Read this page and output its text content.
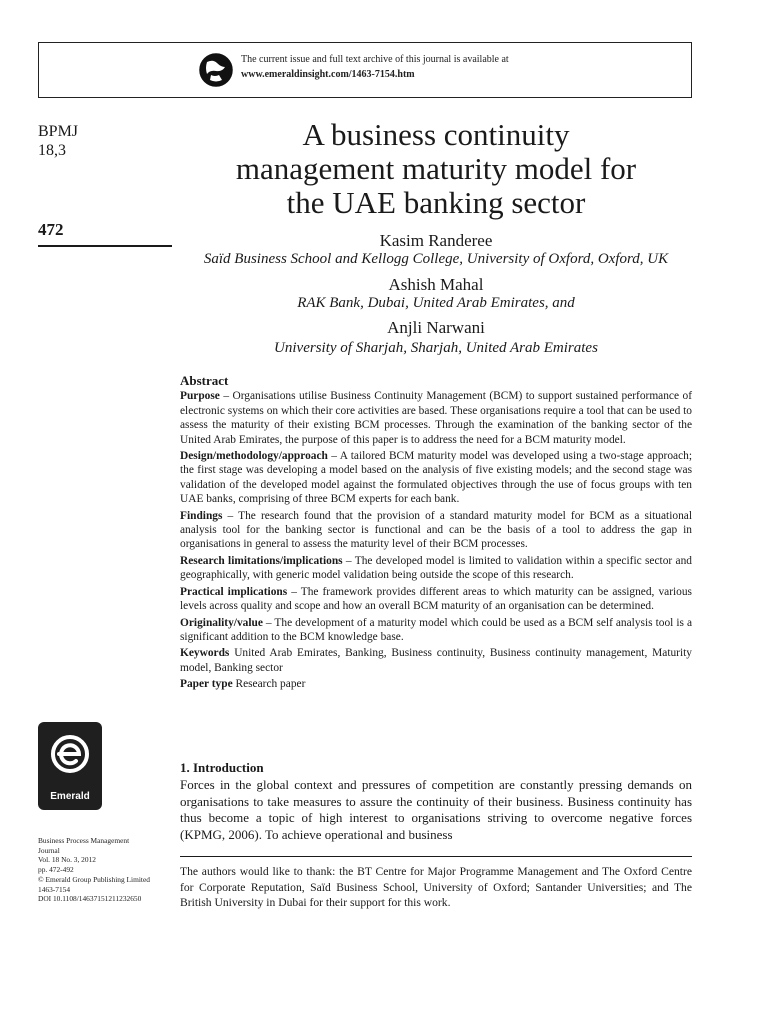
The current issue and full text archive of this journal is available at
www.emeraldinsight.com/1463-7154.htm
BPMJ
18,3
472
A business continuity
management maturity model for
the UAE banking sector
Kasim Randeree
Saïd Business School and Kellogg College, University of Oxford, Oxford, UK
Ashish Mahal
RAK Bank, Dubai, United Arab Emirates, and
Anjli Narwani
University of Sharjah, Sharjah, United Arab Emirates
Abstract

Purpose – Organisations utilise Business Continuity Management (BCM) to support sustained performance of electronic systems on which their core activities are based. These organisations require a tool that can be used to assess the maturity of their existing BCM processes. Through the examination of the banking sector of the United Arab Emirates, the purpose of this paper is to address the need for a BCM maturity model.

Design/methodology/approach – A tailored BCM maturity model was developed using a two-stage approach; the first stage was developing a model based on the analysis of five existing models; and the second stage was validation of the developed model against the formulated objectives through the use of focus groups with ten UAE banks, comprising of three BCM experts for each bank.

Findings – The research found that the provision of a standard maturity model for BCM as a situational analysis tool for the banking sector is functional and can be the basis of a tool to address the gap in organisations in general to assess the maturity level of their BCM processes.

Research limitations/implications – The developed model is limited to validation within a specific sector and geographically, with generic model validation being outside the scope of this research.

Practical implications – The framework provides different areas to which maturity can be assigned, various levels across quality and scope and how an overall BCM maturity of an organisation can be determined.

Originality/value – The development of a maturity model which could be used as a BCM self analysis tool is a significant addition to the BCM knowledge base.

Keywords United Arab Emirates, Banking, Business continuity, Business continuity management, Maturity model, Banking sector

Paper type Research paper

1. Introduction
Forces in the global context and pressures of competition are constantly pressing demands on organisations to take measures to assure the continuity of their business. Business continuity has thus become a topic of high interest to organisations striving to overcome negative forces (KPMG, 2006). To achieve operational and business
The authors would like to thank: the BT Centre for Major Programme Management and The Oxford Centre for Corporate Reputation, Saïd Business School, University of Oxford; Santander Universities; and The British University in Dubai for their support for this work.
Emerald
Business Process Management
Journal
Vol. 18 No. 3, 2012
pp. 472-492
© Emerald Group Publishing Limited
1463-7154
DOI 10.1108/14637151211232650
